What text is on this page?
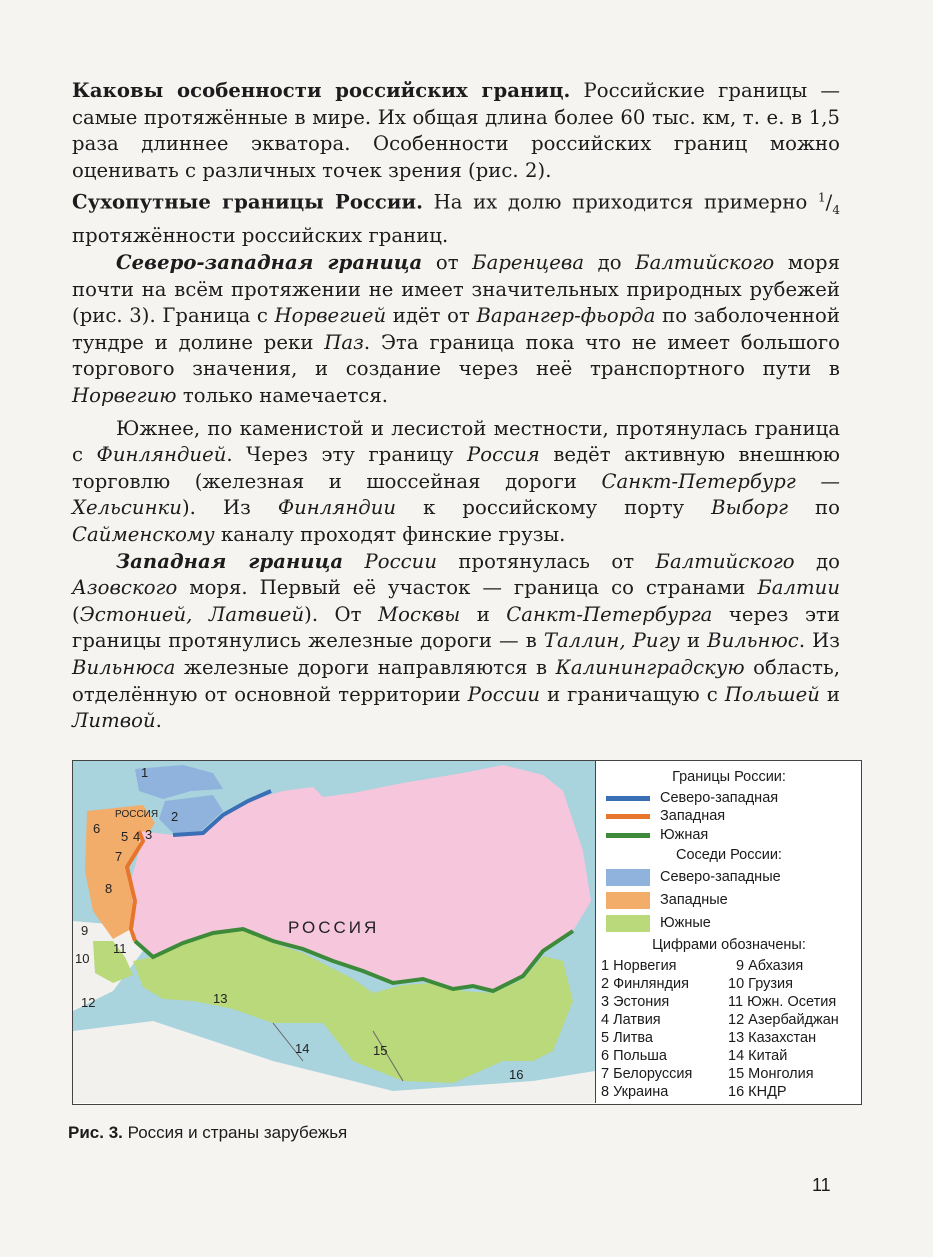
Каковы особенности российских границ. Российские границы — самые протяжённые в мире. Их общая длина более 60 тыс. км, т. е. в 1,5 раза длиннее экватора. Особенности российских границ можно оценивать с различных точек зрения (рис. 2).

Сухопутные границы России. На их долю приходится примерно $^1/_4$ протяжённости российских границ.

Северо-западная граница от Баренцева до Балтийского моря почти на всём протяжении не имеет значительных природных рубежей (рис. 3). Граница с Норвегией идёт от Варангер-фьорда по заболоченной тундре и долине реки Паз. Эта граница пока что не имеет большого торгового значения, и создание через неё транспортного пути в Норвегию только намечается.

Южнее, по каменистой и лесистой местности, протянулась граница с Финляндией. Через эту границу Россия ведёт активную внешнюю торговлю (железная и шоссейная дороги Санкт-Петербург — Хельсинки). Из Финляндии к российскому порту Выборг по Сайменскому каналу проходят финские грузы.

Западная граница России протянулась от Балтийского до Азовского моря. Первый её участок — граница со странами Балтии (Эстонией, Латвией). От Москвы и Санкт-Петербурга через эти границы протянулись железные дороги — в Таллин, Ригу и Вильнюс. Из Вильнюса железные дороги направляются в Калининградскую область, отделённую от основной территории России и граничащую с Польшей и Литвой.

РОССИЯ
РОССИЯ
1
2
3
4
5
6
7
8
9
10
11
12	13
14	15
16
Границы России:
Северо-западная
Западная
Южная
Соседи России:
Северо-западные
Западные
Южные
Цифрами обозначены:
1 Норвегия
2 Финляндия
3 Эстония
4 Латвия
5 Литва
6 Польша
7 Белоруссия
8 Украина
9 Абхазия
10 Грузия
11 Южн. Осетия
12 Азербайджан
13 Казахстан
14 Китай
15 Монголия
16 КНДР
Рис. 3. Россия и страны зарубежья
11
